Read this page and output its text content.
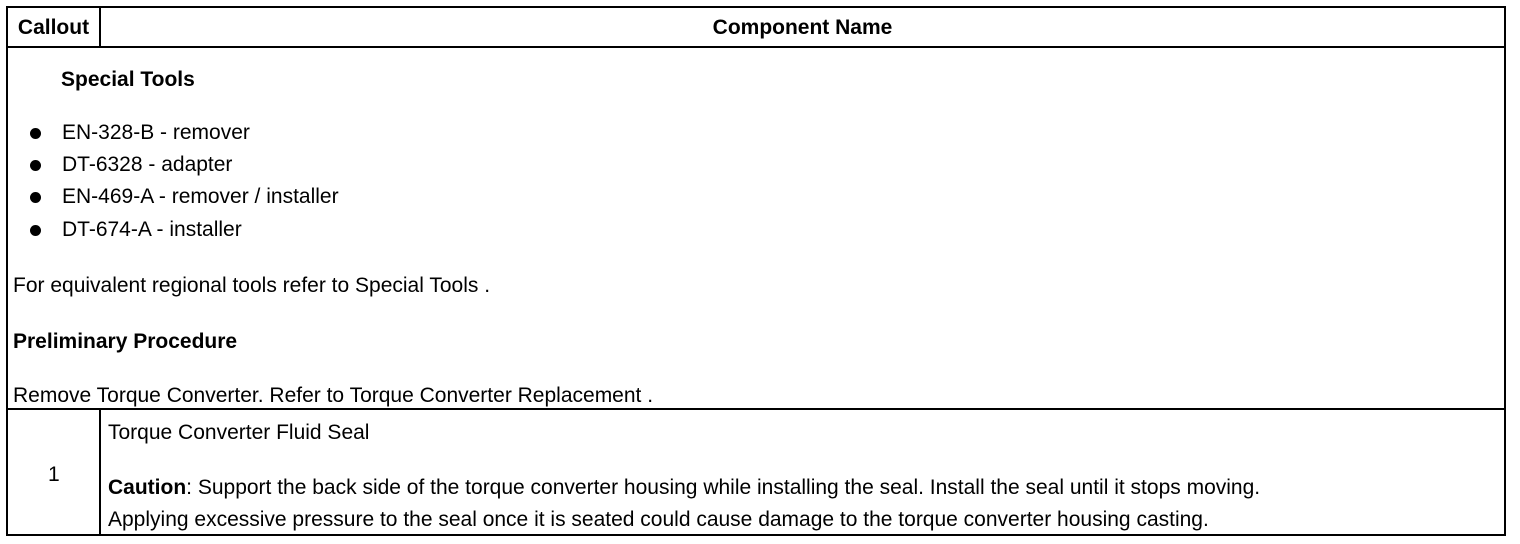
Callout	Component Name
Special Tools
EN-328-B - remover
DT-6328 - adapter
EN-469-A - remover / installer
DT-674-A - installer
For equivalent regional tools refer to Special Tools .
Preliminary Procedure
Remove Torque Converter. Refer to Torque Converter Replacement .
1
Torque Converter Fluid Seal
Caution: Support the back side of the torque converter housing while installing the seal. Install the seal until it stops moving.
Applying excessive pressure to the seal once it is seated could cause damage to the torque converter housing casting.
